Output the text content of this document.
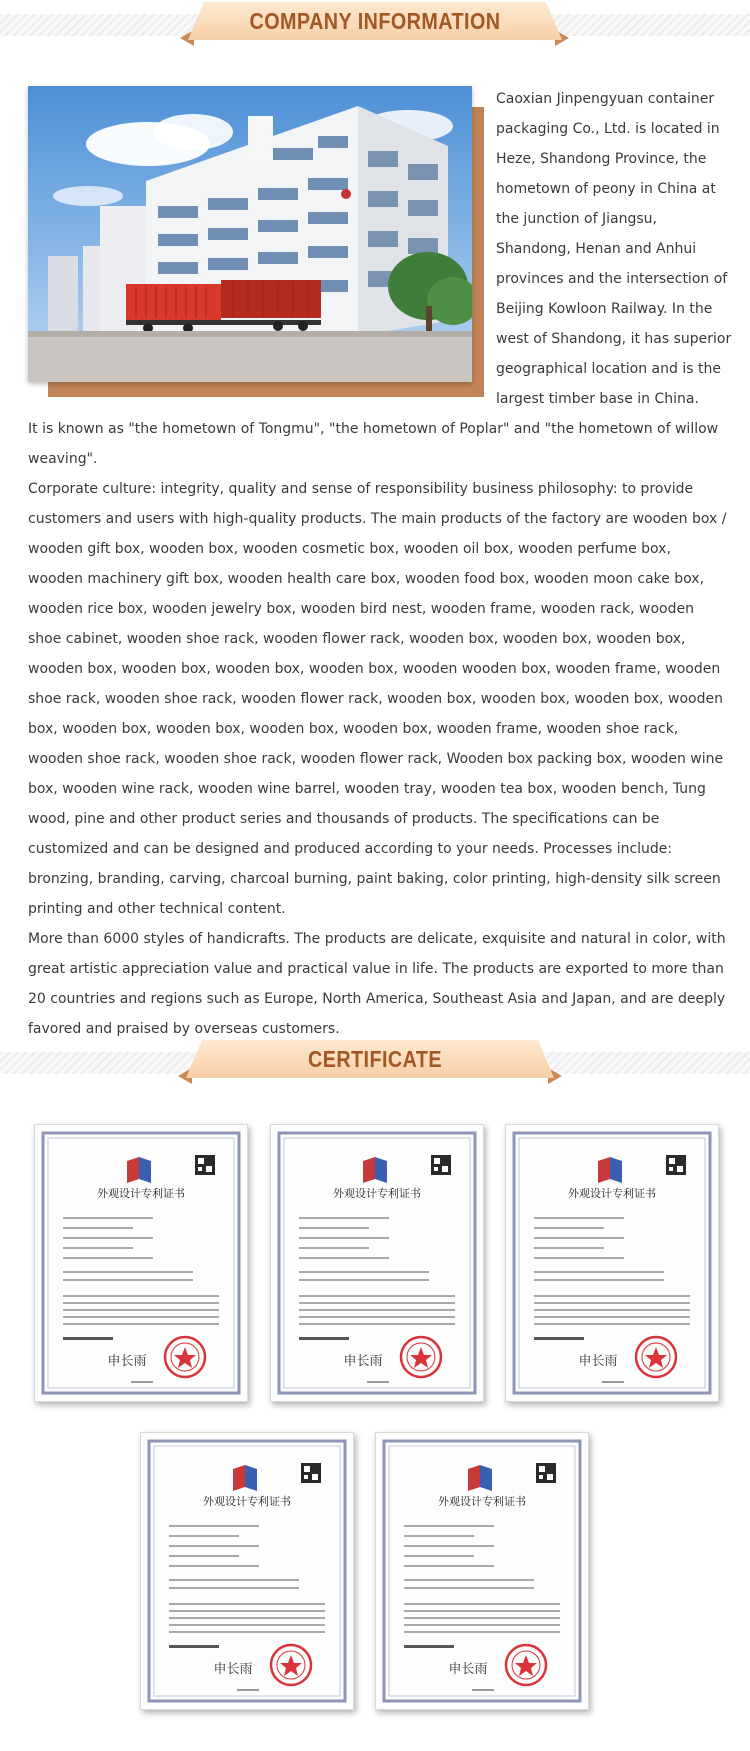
COMPANY INFORMATION
Caoxian Jinpengyuan container packaging Co., Ltd. is located in Heze, Shandong Province, the hometown of peony in China at the junction of Jiangsu, Shandong, Henan and Anhui provinces and the intersection of Beijing Kowloon Railway. In the west of Shandong, it has superior geographical location and is the largest timber base in China.

It is known as "the hometown of Tongmu", "the hometown of Poplar" and "the hometown of willow weaving".

Corporate culture: integrity, quality and sense of responsibility business philosophy: to provide customers and users with high-quality products. The main products of the factory are wooden box / wooden gift box, wooden box, wooden cosmetic box, wooden oil box, wooden perfume box, wooden machinery gift box, wooden health care box, wooden food box, wooden moon cake box, wooden rice box, wooden jewelry box, wooden bird nest, wooden frame, wooden rack, wooden shoe cabinet, wooden shoe rack, wooden flower rack, wooden box, wooden box, wooden box, wooden box, wooden box, wooden box, wooden box, wooden wooden box, wooden frame, wooden shoe rack, wooden shoe rack, wooden flower rack, wooden box, wooden box, wooden box, wooden box, wooden box, wooden box, wooden box, wooden box, wooden frame, wooden shoe rack, wooden shoe rack, wooden shoe rack, wooden flower rack, Wooden box packing box, wooden wine box, wooden wine rack, wooden wine barrel, wooden tray, wooden tea box, wooden bench, Tung wood, pine and other product series and thousands of products. The specifications can be customized and can be designed and produced according to your needs. Processes include: bronzing, branding, carving, charcoal burning, paint baking, color printing, high-density silk screen printing and other technical content.

More than 6000 styles of handicrafts. The products are delicate, exquisite and natural in color, with great artistic appreciation value and practical value in life. The products are exported to more than 20 countries and regions such as Europe, North America, Southeast Asia and Japan, and are deeply favored and praised by overseas customers.

CERTIFICATE
外观设计专利证书
申长雨
外观设计专利证书
申长雨
外观设计专利证书
申长雨
外观设计专利证书
申长雨
外观设计专利证书
申长雨
